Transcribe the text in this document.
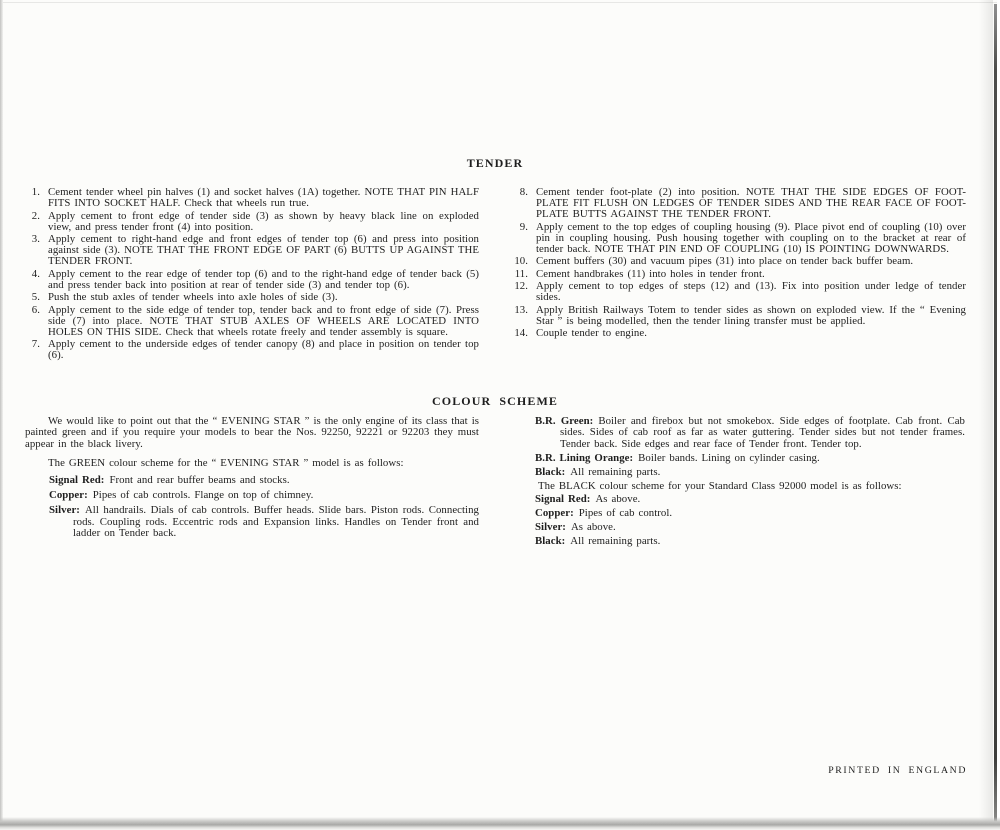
TENDER
1. Cement tender wheel pin halves (1) and socket halves (1A) together. NOTE THAT PIN HALF FITS INTO SOCKET HALF. Check that wheels run true.
2. Apply cement to front edge of tender side (3) as shown by heavy black line on exploded view, and press tender front (4) into position.
3. Apply cement to right-hand edge and front edges of tender top (6) and press into position against side (3). NOTE THAT THE FRONT EDGE OF PART (6) BUTTS UP AGAINST THE TENDER FRONT.
4. Apply cement to the rear edge of tender top (6) and to the right-hand edge of tender back (5) and press tender back into position at rear of tender side (3) and tender top (6).
5. Push the stub axles of tender wheels into axle holes of side (3).
6. Apply cement to the side edge of tender top, tender back and to front edge of side (7). Press side (7) into place. NOTE THAT STUB AXLES OF WHEELS ARE LOCATED INTO HOLES ON THIS SIDE. Check that wheels rotate freely and tender assembly is square.
7. Apply cement to the underside edges of tender canopy (8) and place in position on tender top (6).
8. Cement tender foot-plate (2) into position. NOTE THAT THE SIDE EDGES OF FOOT-PLATE FIT FLUSH ON LEDGES OF TENDER SIDES AND THE REAR FACE OF FOOT-PLATE BUTTS AGAINST THE TENDER FRONT.
9. Apply cement to the top edges of coupling housing (9). Place pivot end of coupling (10) over pin in coupling housing. Push housing together with coupling on to the bracket at rear of tender back. NOTE THAT PIN END OF COUPLING (10) IS POINTING DOWNWARDS.
10. Cement buffers (30) and vacuum pipes (31) into place on tender back buffer beam.
11. Cement handbrakes (11) into holes in tender front.
12. Apply cement to top edges of steps (12) and (13). Fix into position under ledge of tender sides.
13. Apply British Railways Totem to tender sides as shown on exploded view. If the “ Evening Star ” is being modelled, then the tender lining transfer must be applied.
14. Couple tender to engine.
COLOUR SCHEME

We would like to point out that the “ EVENING STAR ” is the only engine of its class that is painted green and if you require your models to bear the Nos. 92250, 92221 or 92203 they must appear in the black livery.

The GREEN colour scheme for the “ EVENING STAR ” model is as follows:

Signal Red: Front and rear buffer beams and stocks.
Copper: Pipes of cab controls. Flange on top of chimney.
Silver: All handrails. Dials of cab controls. Buffer heads. Slide bars. Piston rods. Connecting rods. Coupling rods. Eccentric rods and Expansion links. Handles on Tender front and ladder on Tender back.
B.R. Green: Boiler and firebox but not smokebox. Side edges of footplate. Cab front. Cab sides. Sides of cab roof as far as water guttering. Tender sides but not tender frames. Tender back. Side edges and rear face of Tender front. Tender top.
B.R. Lining Orange: Boiler bands. Lining on cylinder casing.
Black: All remaining parts.

The BLACK colour scheme for your Standard Class 92000 model is as follows:

Signal Red: As above.
Copper: Pipes of cab control.
Silver: As above.
Black: All remaining parts.
PRINTED IN ENGLAND
